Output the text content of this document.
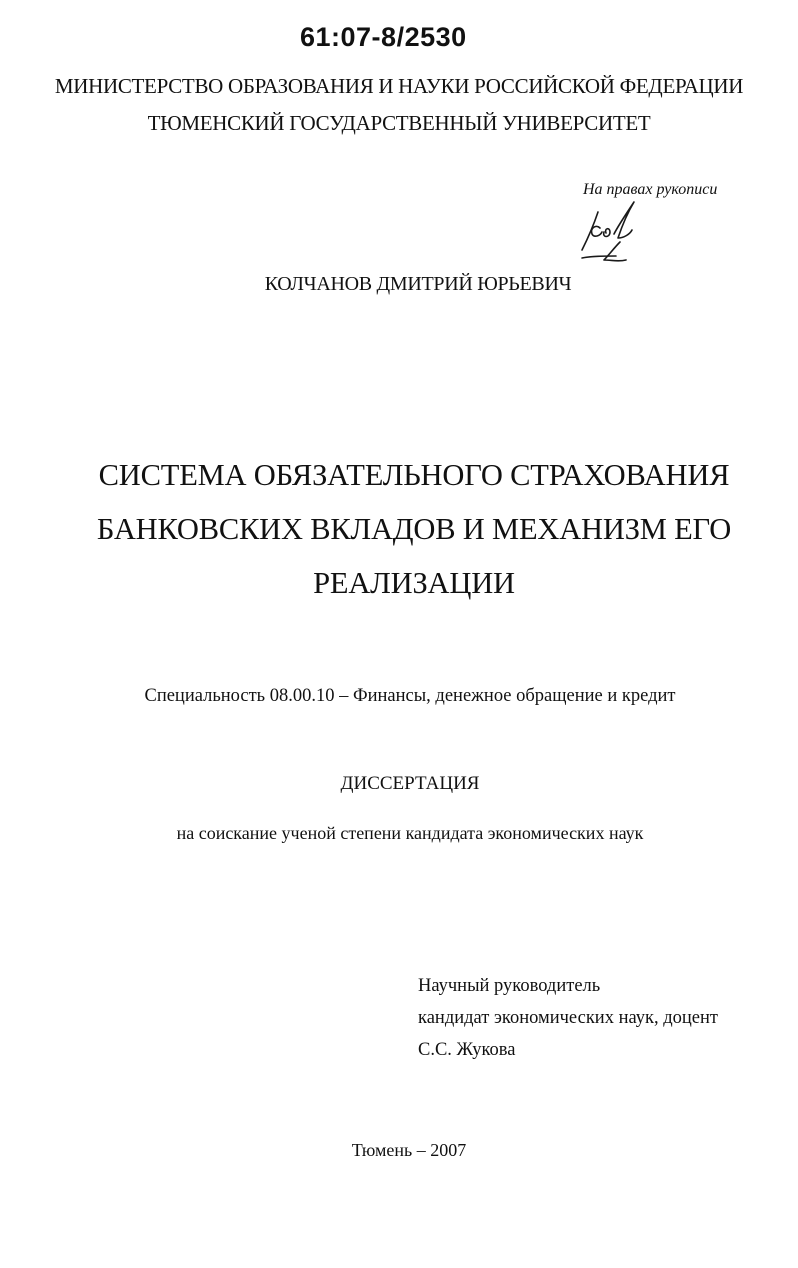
61:07-8/2530

МИНИСТЕРСТВО ОБРАЗОВАНИЯ И НАУКИ РОССИЙСКОЙ ФЕДЕРАЦИИ

ТЮМЕНСКИЙ ГОСУДАРСТВЕННЫЙ УНИВЕРСИТЕТ

На правах рукописи

КОЛЧАНОВ ДМИТРИЙ ЮРЬЕВИЧ

СИСТЕМА ОБЯЗАТЕЛЬНОГО СТРАХОВАНИЯ
БАНКОВСКИХ ВКЛАДОВ И МЕХАНИЗМ ЕГО
РЕАЛИЗАЦИИ

Специальность 08.00.10 – Финансы, денежное обращение и кредит

ДИССЕРТАЦИЯ

на соискание ученой степени кандидата экономических наук

Научный руководитель
кандидат экономических наук, доцент
С.С. Жукова

Тюмень – 2007
